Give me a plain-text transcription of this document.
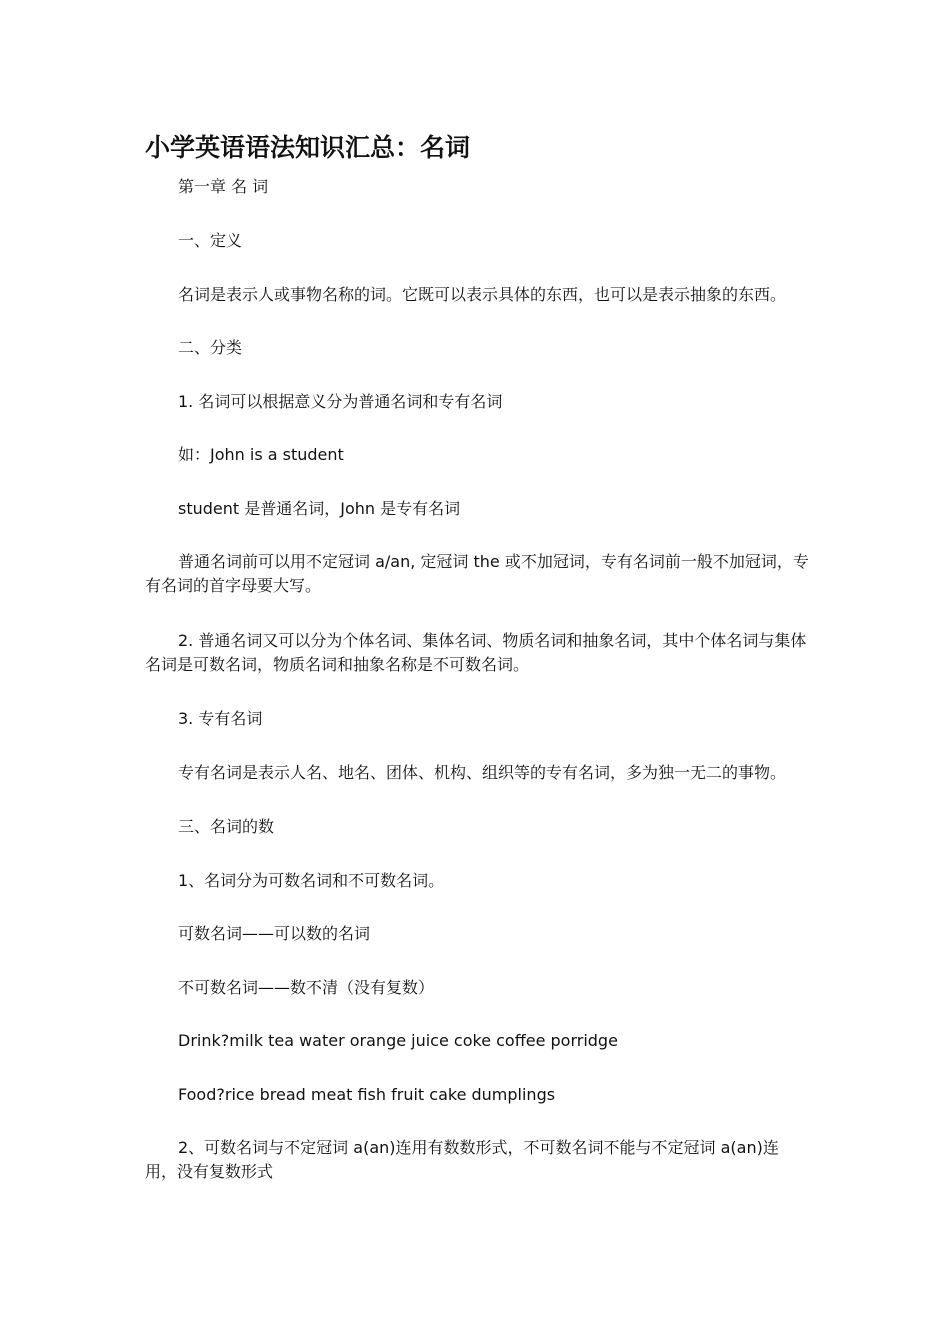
小学英语语法知识汇总：名词
第一章 名 词
一、定义
名词是表示人或事物名称的词。它既可以表示具体的东西，也可以是表示抽象的东西。
二、分类
1. 名词可以根据意义分为普通名词和专有名词
如：John is a student
student 是普通名词，John 是专有名词
普通名词前可以用不定冠词 a/an, 定冠词 the 或不加冠词，专有名词前一般不加冠词，专有名词的首字母要大写。
2. 普通名词又可以分为个体名词、集体名词、物质名词和抽象名词，其中个体名词与集体名词是可数名词，物质名词和抽象名称是不可数名词。
3. 专有名词
专有名词是表示人名、地名、团体、机构、组织等的专有名词，多为独一无二的事物。
三、名词的数
1、名词分为可数名词和不可数名词。
可数名词——可以数的名词
不可数名词——数不清（没有复数）
Drink?milk tea water orange juice coke coffee porridge
Food?rice bread meat fish fruit cake dumplings
2、可数名词与不定冠词 a(an)连用有数数形式，不可数名词不能与不定冠词 a(an)连用，没有复数形式
